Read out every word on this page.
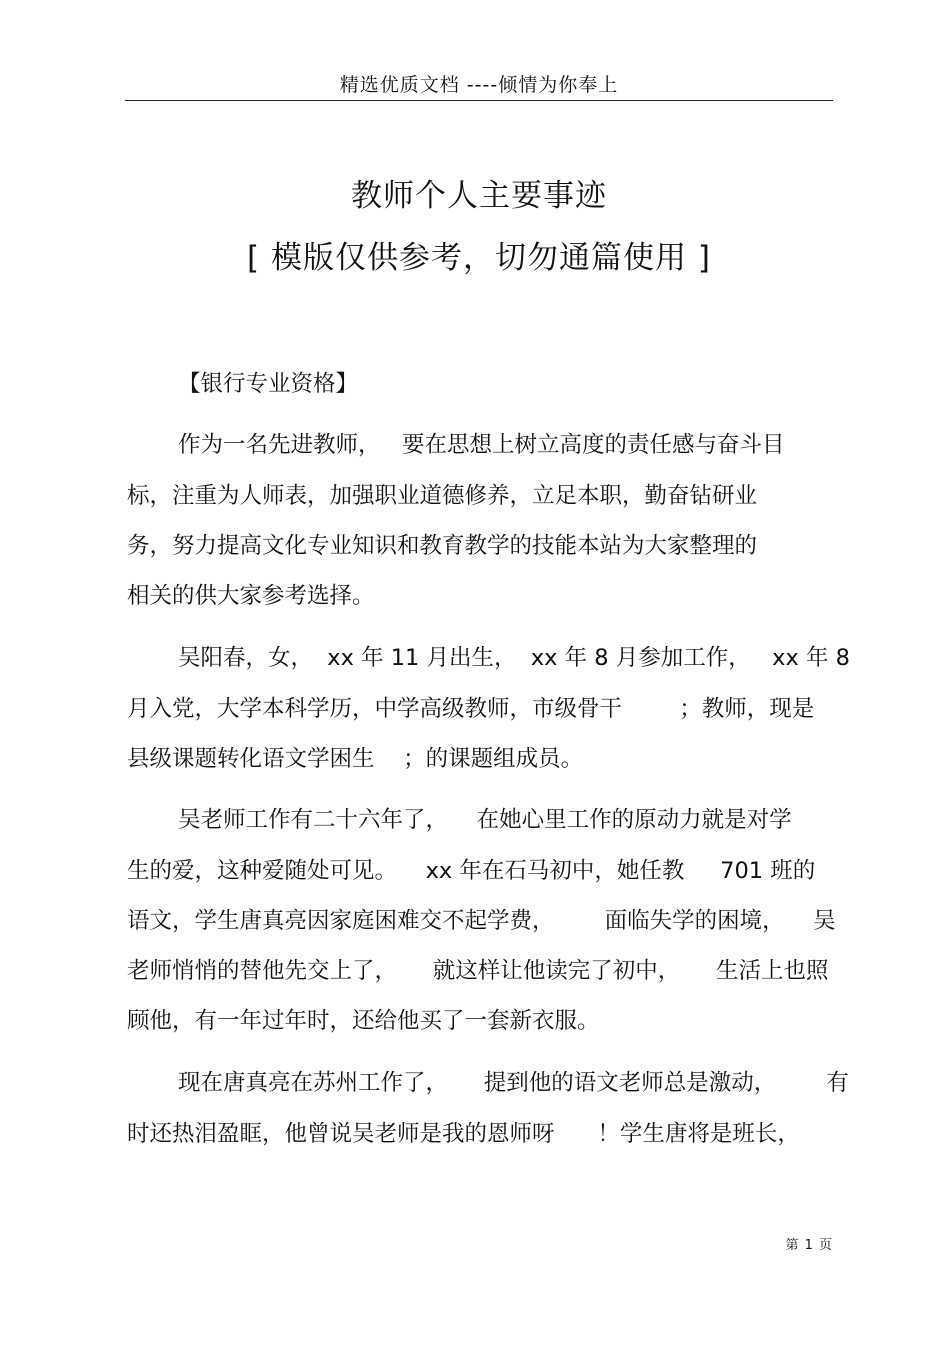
精选优质文档 ----倾情为你奉上
教师个人主要事迹
[ 模版仅供参考，切勿通篇使用 ]
【银行专业资格】
作为一名先进教师，   要在思想上树立高度的责任感与奋斗目
标，注重为人师表，加强职业道德修养，立足本职，勤奋钻研业
务，努力提高文化专业知识和教育教学的技能本站为大家整理的
相关的供大家参考选择。
吴阳春，女，  xx 年 11 月出生，  xx 年 8 月参加工作，   xx 年 8
月入党，大学本科学历，中学高级教师，市级骨干        ；教师，现是
县级课题转化语文学困生    ；的课题组成员。
吴老师工作有二十六年了，    在她心里工作的原动力就是对学
生的爱，这种爱随处可见。    xx 年在石马初中，她任教     701 班的
语文，学生唐真亮因家庭困难交不起学费，       面临失学的困境，    吴
老师悄悄的替他先交上了，     就这样让他读完了初中，     生活上也照
顾他，有一年过年时，还给他买了一套新衣服。
现在唐真亮在苏州工作了，     提到他的语文老师总是激动，       有
时还热泪盈眶，他曾说吴老师是我的恩师呀      ！学生唐将是班长，
第 1 页
